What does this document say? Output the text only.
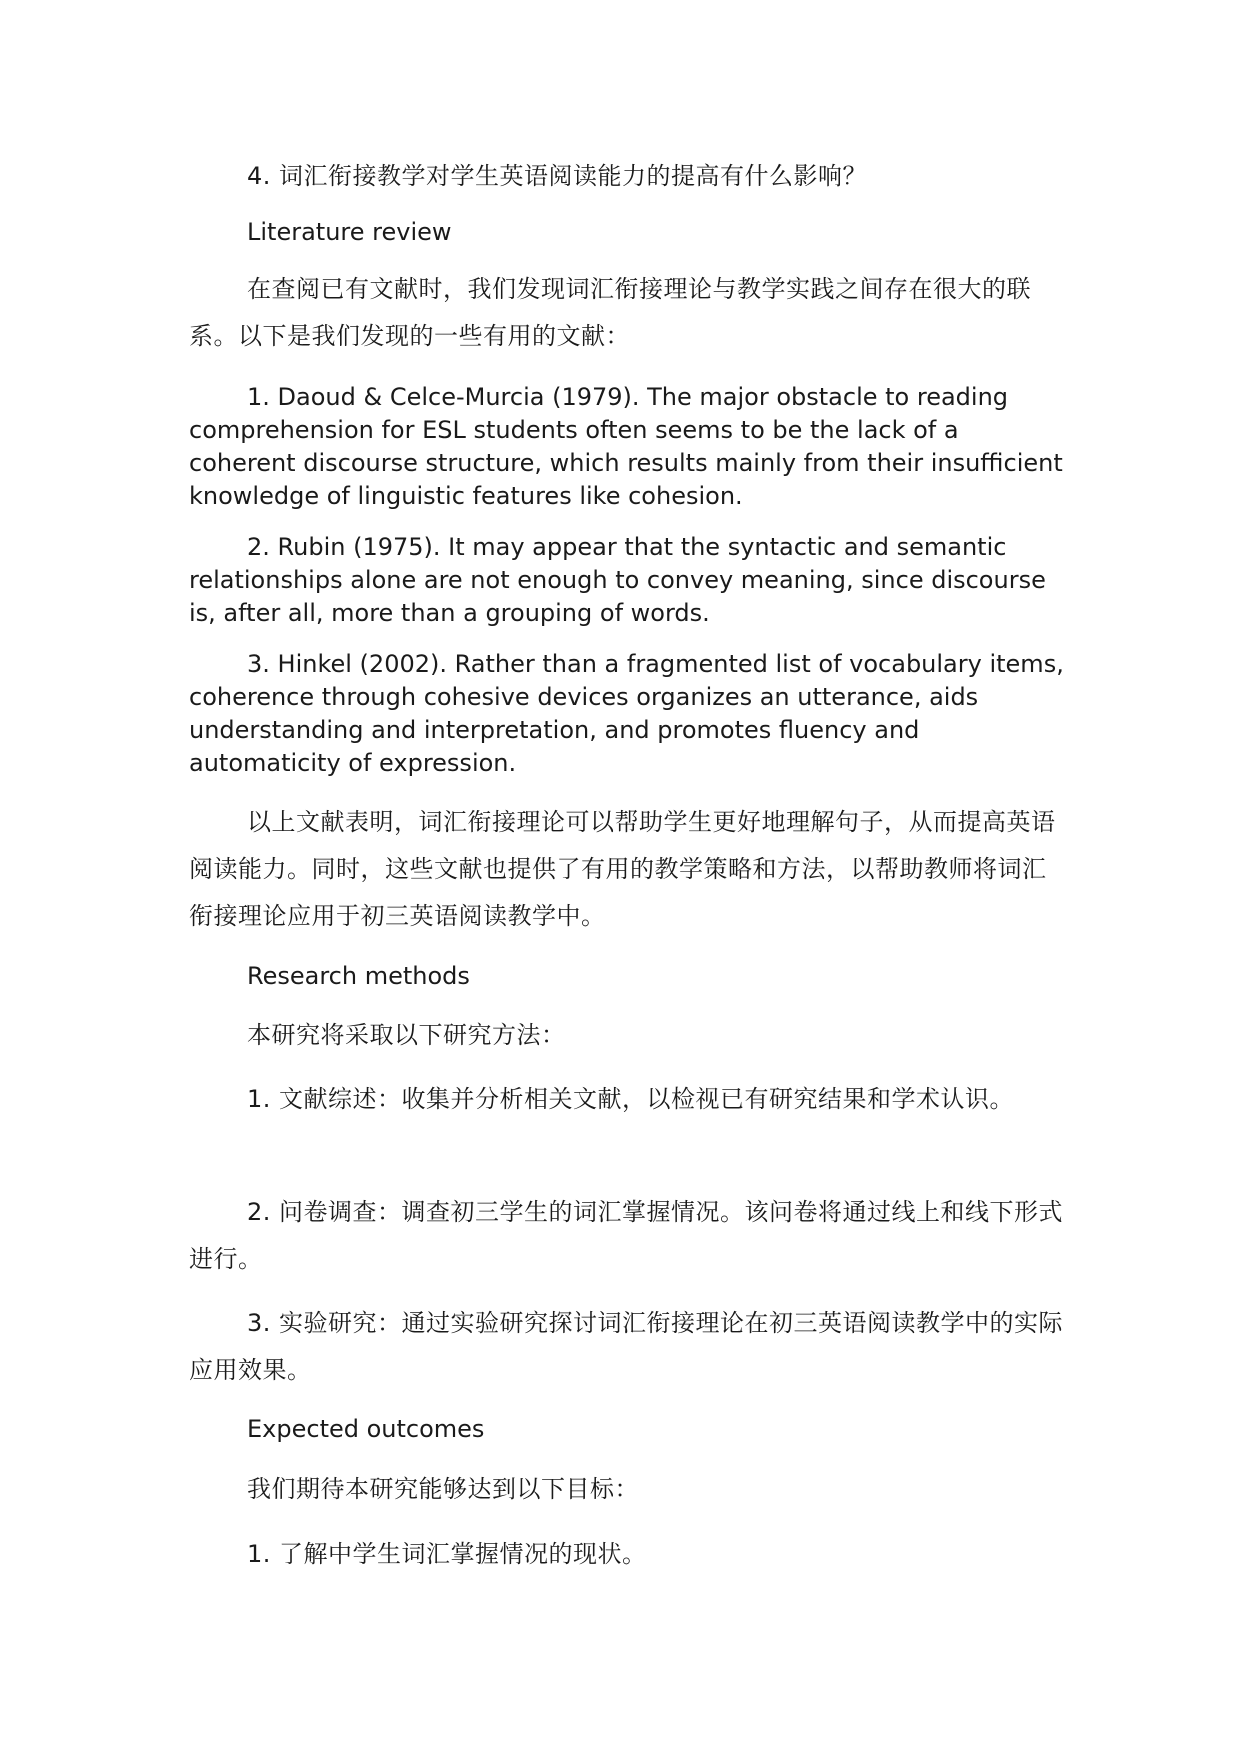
4. 词汇衔接教学对学生英语阅读能力的提高有什么影响？

Literature review

在查阅已有文献时，我们发现词汇衔接理论与教学实践之间存在很大的联系。以下是我们发现的一些有用的文献：

1. Daoud & Celce-Murcia (1979). The major obstacle to reading comprehension for ESL students often seems to be the lack of a coherent discourse structure, which results mainly from their insufficient knowledge of linguistic features like cohesion.

2. Rubin (1975). It may appear that the syntactic and semantic relationships alone are not enough to convey meaning, since discourse is, after all, more than a grouping of words.

3. Hinkel (2002). Rather than a fragmented list of vocabulary items, coherence through cohesive devices organizes an utterance, aids understanding and interpretation, and promotes fluency and automaticity of expression.

以上文献表明，词汇衔接理论可以帮助学生更好地理解句子，从而提高英语阅读能力。同时，这些文献也提供了有用的教学策略和方法，以帮助教师将词汇衔接理论应用于初三英语阅读教学中。

Research methods

本研究将采取以下研究方法：

1. 文献综述：收集并分析相关文献，以检视已有研究结果和学术认识。

2. 问卷调查：调查初三学生的词汇掌握情况。该问卷将通过线上和线下形式进行。

3. 实验研究：通过实验研究探讨词汇衔接理论在初三英语阅读教学中的实际应用效果。

Expected outcomes

我们期待本研究能够达到以下目标：

1. 了解中学生词汇掌握情况的现状。
